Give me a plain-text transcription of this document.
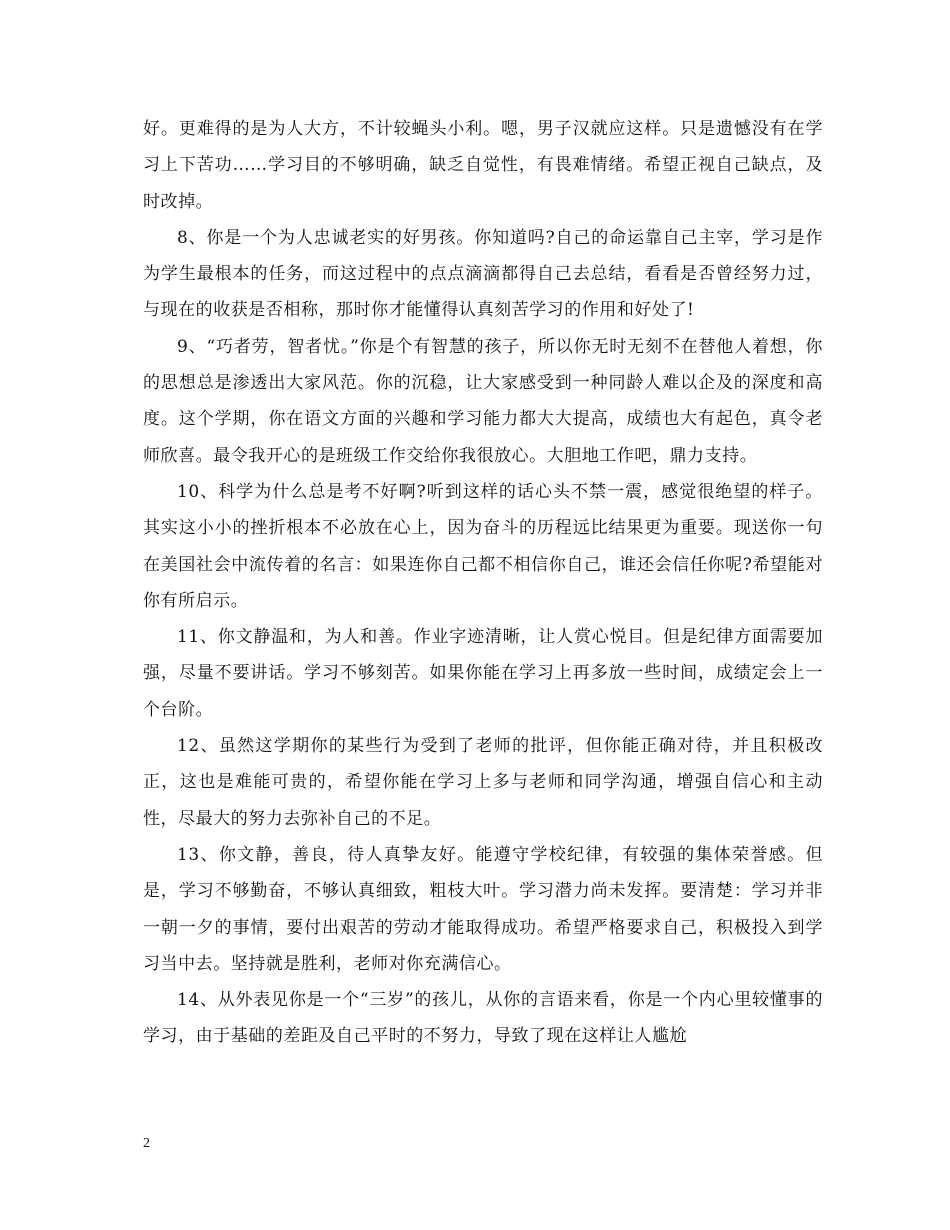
好。更难得的是为人大方，不计较蝇头小利。嗯，男子汉就应这样。只是遗憾没有在学习上下苦功……学习目的不够明确，缺乏自觉性，有畏难情绪。希望正视自己缺点，及时改掉。

8、你是一个为人忠诚老实的好男孩。你知道吗?自己的命运靠自己主宰，学习是作为学生最根本的任务，而这过程中的点点滴滴都得自己去总结，看看是否曾经努力过，与现在的收获是否相称，那时你才能懂得认真刻苦学习的作用和好处了!

9、“巧者劳，智者忧。”你是个有智慧的孩子，所以你无时无刻不在替他人着想，你的思想总是渗透出大家风范。你的沉稳，让大家感受到一种同龄人难以企及的深度和高度。这个学期，你在语文方面的兴趣和学习能力都大大提高，成绩也大有起色，真令老师欣喜。最令我开心的是班级工作交给你我很放心。大胆地工作吧，鼎力支持。

10、科学为什么总是考不好啊?听到这样的话心头不禁一震，感觉很绝望的样子。其实这小小的挫折根本不必放在心上，因为奋斗的历程远比结果更为重要。现送你一句在美国社会中流传着的名言：如果连你自己都不相信你自己，谁还会信任你呢?希望能对你有所启示。

11、你文静温和，为人和善。作业字迹清晰，让人赏心悦目。但是纪律方面需要加强，尽量不要讲话。学习不够刻苦。如果你能在学习上再多放一些时间，成绩定会上一个台阶。

12、虽然这学期你的某些行为受到了老师的批评，但你能正确对待，并且积极改正，这也是难能可贵的，希望你能在学习上多与老师和同学沟通，增强自信心和主动性，尽最大的努力去弥补自己的不足。

13、你文静，善良，待人真挚友好。能遵守学校纪律，有较强的集体荣誉感。但是，学习不够勤奋，不够认真细致，粗枝大叶。学习潜力尚未发挥。要清楚：学习并非一朝一夕的事情，要付出艰苦的劳动才能取得成功。希望严格要求自己，积极投入到学习当中去。坚持就是胜利，老师对你充满信心。

14、从外表见你是一个“三岁”的孩儿，从你的言语来看，你是一个内心里较懂事的学习，由于基础的差距及自己平时的不努力，导致了现在这样让人尴尬

2
